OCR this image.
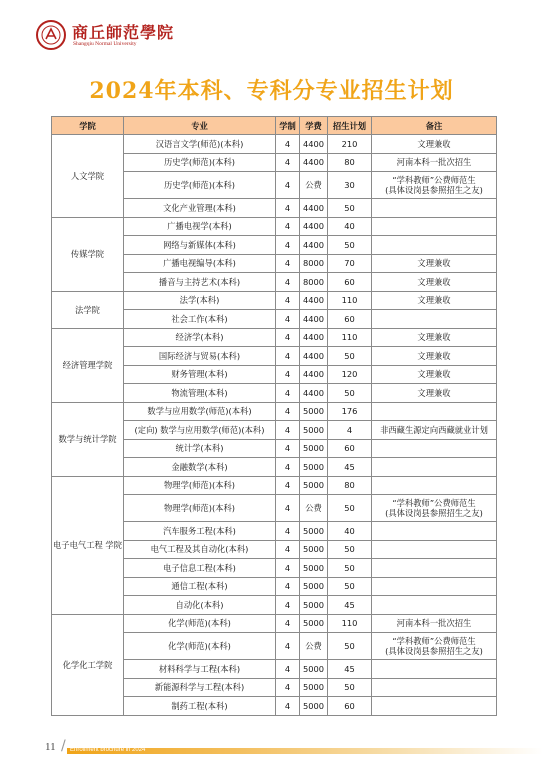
商丘師范學院
Shangqiu Normal University
2024年本科、专科分专业招生计划
学院	专业	学制	学费	招生计划	备注
人文学院	汉语言文学(师范)(本科)	4	4400	210	文理兼收
	历史学(师范)(本科)	4	4400	80	河南本科一批次招生
	历史学(师范)(本科)	4	公费	30	“学科教师”公费师范生
(具体设岗县参照招生之友)

	文化产业管理(本科)	4	4400	50	
传媒学院	广播电视学(本科)	4	4400	40	
	网络与新媒体(本科)	4	4400	50	
	广播电视编导(本科)	4	8000	70	文理兼收
	播音与主持艺术(本科)	4	8000	60	文理兼收
法学院	法学(本科)	4	4400	110	文理兼收
	社会工作(本科)	4	4400	60	
经济管理学院	经济学(本科)	4	4400	110	文理兼收
	国际经济与贸易(本科)	4	4400	50	文理兼收
	财务管理(本科)	4	4400	120	文理兼收
	物流管理(本科)	4	4400	50	文理兼收
数学与统计学院	数学与应用数学(师范)(本科)	4	5000	176	
	(定向) 数学与应用数学(师范)(本科)	4	5000	4	非西藏生源定向西藏就业计划
	统计学(本科)	4	5000	60	
	金融数学(本科)	4	5000	45	
电子电气工程 学院	物理学(师范)(本科)	4	5000	80	
	物理学(师范)(本科)	4	公费	50	“学科教师”公费师范生
(具体设岗县参照招生之友)

	汽车服务工程(本科)	4	5000	40	
	电气工程及其自动化(本科)	4	5000	50	
	电子信息工程(本科)	4	5000	50	
	通信工程(本科)	4	5000	50	
	自动化(本科)	4	5000	45	
化学化工学院	化学(师范)(本科)	4	5000	110	河南本科一批次招生
	化学(师范)(本科)	4	公费	50	“学科教师”公费师范生
(具体设岗县参照招生之友)

	材料科学与工程(本科)	4	5000	45	
	新能源科学与工程(本科)	4	5000	50	
	制药工程(本科)	4	5000	60	
11 / Enrollment brochure in 2024
